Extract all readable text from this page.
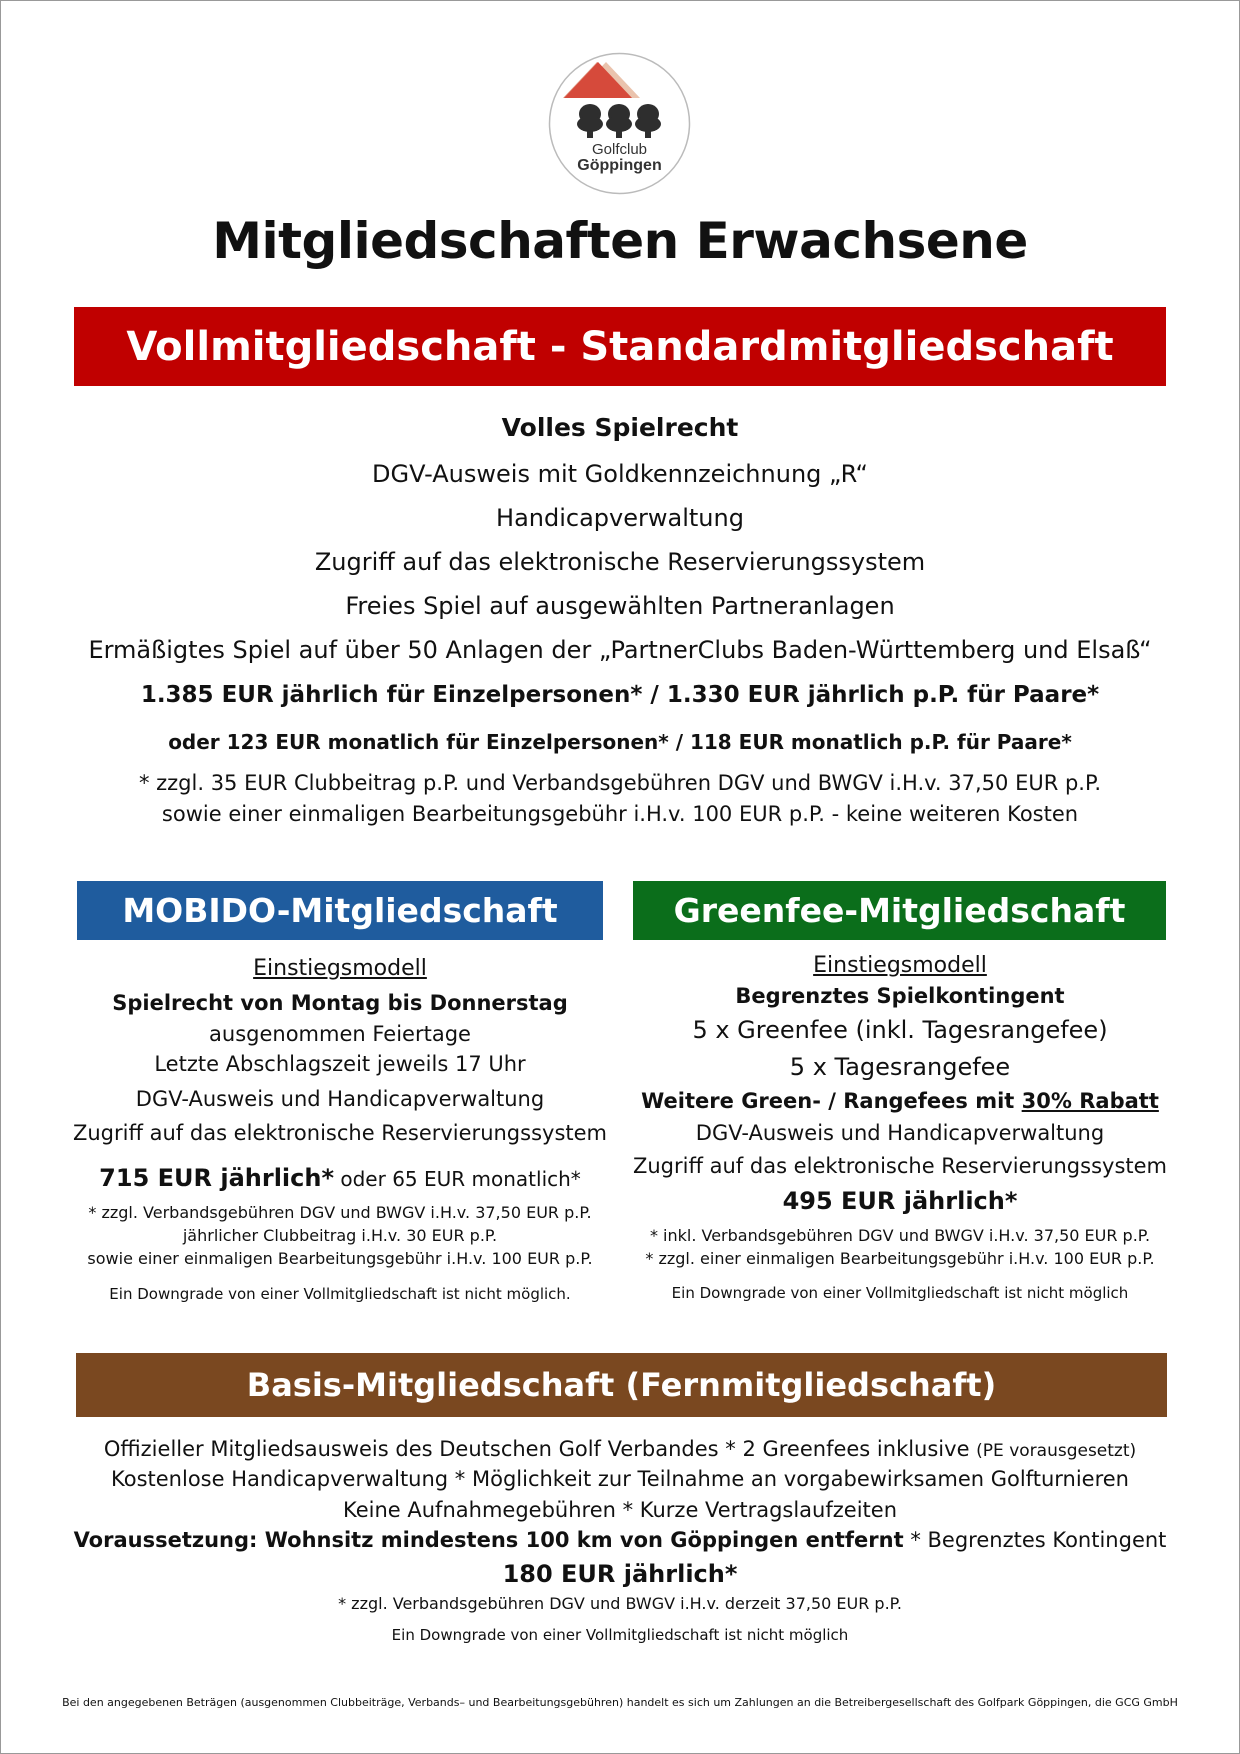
Golfclub
Göppingen
Mitgliedschaften Erwachsene
Vollmitgliedschaft - Standardmitgliedschaft
Volles Spielrecht
DGV-Ausweis mit Goldkennzeichnung „R“
Handicapverwaltung
Zugriff auf das elektronische Reservierungssystem
Freies Spiel auf ausgewählten Partneranlagen
Ermäßigtes Spiel auf über 50 Anlagen der „PartnerClubs Baden-Württemberg und Elsaß“
1.385 EUR jährlich für Einzelpersonen* / 1.330 EUR jährlich p.P. für Paare*
oder 123 EUR monatlich für Einzelpersonen* / 118 EUR monatlich p.P. für Paare*
* zzgl. 35 EUR Clubbeitrag p.P. und Verbandsgebühren DGV und BWGV i.H.v. 37,50 EUR p.P.
sowie einer einmaligen Bearbeitungsgebühr i.H.v. 100 EUR p.P. - keine weiteren Kosten
MOBIDO-Mitgliedschaft
Einstiegsmodell
Spielrecht von Montag bis Donnerstag
ausgenommen Feiertage
Letzte Abschlagszeit jeweils 17 Uhr
DGV-Ausweis und Handicapverwaltung
Zugriff auf das elektronische Reservierungssystem
715 EUR jährlich* oder 65 EUR monatlich*
* zzgl. Verbandsgebühren DGV und BWGV i.H.v. 37,50 EUR p.P.
jährlicher Clubbeitrag i.H.v. 30 EUR p.P.
sowie einer einmaligen Bearbeitungsgebühr i.H.v. 100 EUR p.P.
Ein Downgrade von einer Vollmitgliedschaft ist nicht möglich.
Greenfee-Mitgliedschaft
Einstiegsmodell
Begrenztes Spielkontingent
5 x Greenfee (inkl. Tagesrangefee)
5 x Tagesrangefee
Weitere Green- / Rangefees mit 30% Rabatt
DGV-Ausweis und Handicapverwaltung
Zugriff auf das elektronische Reservierungssystem
495 EUR jährlich*
* inkl. Verbandsgebühren DGV und BWGV i.H.v. 37,50 EUR p.P.
* zzgl. einer einmaligen Bearbeitungsgebühr i.H.v. 100 EUR p.P.
Ein Downgrade von einer Vollmitgliedschaft ist nicht möglich
Basis-Mitgliedschaft (Fernmitgliedschaft)
Offizieller Mitgliedsausweis des Deutschen Golf Verbandes * 2 Greenfees inklusive (PE vorausgesetzt)
Kostenlose Handicapverwaltung * Möglichkeit zur Teilnahme an vorgabewirksamen Golfturnieren
Keine Aufnahmegebühren * Kurze Vertragslaufzeiten
Voraussetzung: Wohnsitz mindestens 100 km von Göppingen entfernt * Begrenztes Kontingent
180 EUR jährlich*
* zzgl. Verbandsgebühren DGV und BWGV i.H.v. derzeit 37,50 EUR p.P.
Ein Downgrade von einer Vollmitgliedschaft ist nicht möglich
Bei den angegebenen Beträgen (ausgenommen Clubbeiträge, Verbands– und Bearbeitungsgebühren) handelt es sich um Zahlungen an die Betreibergesellschaft des Golfpark Göppingen, die GCG GmbH
